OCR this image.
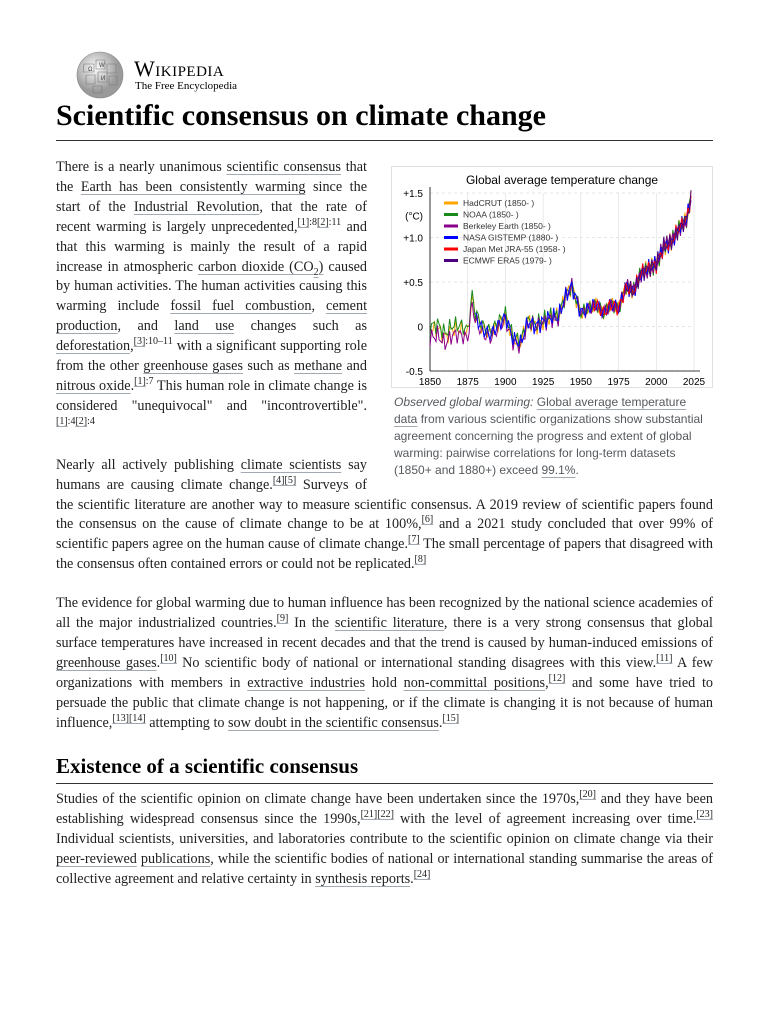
Ω
W
И Wikipedia
The Free Encyclopedia
Scientific consensus on climate change
Global average temperature change
+1.5
+1.0
+0.5
0
-0.5
(°C)
1850 1875 1900 1925 1950 1975 2000 2025
HadCRUT (1850- )
NOAA (1850- )
Berkeley Earth (1850- )
NASA GISTEMP (1880- )
Japan Met JRA-55 (1958- )
ECMWF ERA5 (1979- )
Observed global warming: Global average temperature data from various scientific organizations show substantial agreement concerning the progress and extent of global warming: pairwise correlations for long-term datasets (1850+ and 1880+) exceed 99.1%.

There is a nearly unanimous scientific consensus that the Earth has been consistently warming since the start of the Industrial Revolution, that the rate of recent warming is largely unprecedented,$^{[1]:8[2]:11}$ and that this warming is mainly the result of a rapid increase in atmospheric carbon dioxide $(CO_2)$ caused by human activities. The human activities causing this warming include fossil fuel combustion, cement production, and land use changes such as deforestation,$^{[3]:10-11}$ with a significant supporting role from the other greenhouse gases such as methane and nitrous oxide.$^{[1]:7}$ This human role in climate change is considered "unequivocal" and "incontrovertible".$^{[1]:4[2]:4}$

Nearly all actively publishing climate scientists say humans are causing climate change.[4][5] Surveys of the scientific literature are another way to measure scientific consensus. A 2019 review of scientific papers found the consensus on the cause of climate change to be at 100%,[6] and a 2021 study concluded that over 99% of scientific papers agree on the human cause of climate change.[7] The small percentage of papers that disagreed with the consensus often contained errors or could not be replicated.[8]

The evidence for global warming due to human influence has been recognized by the national science academies of all the major industrialized countries.[9] In the scientific literature, there is a very strong consensus that global surface temperatures have increased in recent decades and that the trend is caused by human-induced emissions of greenhouse gases.[10] No scientific body of national or international standing disagrees with this view.[11] A few organizations with members in extractive industries hold non-committal positions,[12] and some have tried to persuade the public that climate change is not happening, or if the climate is changing it is not because of human influence,[13][14] attempting to sow doubt in the scientific consensus.[15]

Existence of a scientific consensus

Studies of the scientific opinion on climate change have been undertaken since the 1970s,[20] and they have been establishing widespread consensus since the 1990s,[21][22] with the level of agreement increasing over time.[23] Individual scientists, universities, and laboratories contribute to the scientific opinion on climate change via their peer-reviewed publications, while the scientific bodies of national or international standing summarise the areas of collective agreement and relative certainty in synthesis reports.[24]
